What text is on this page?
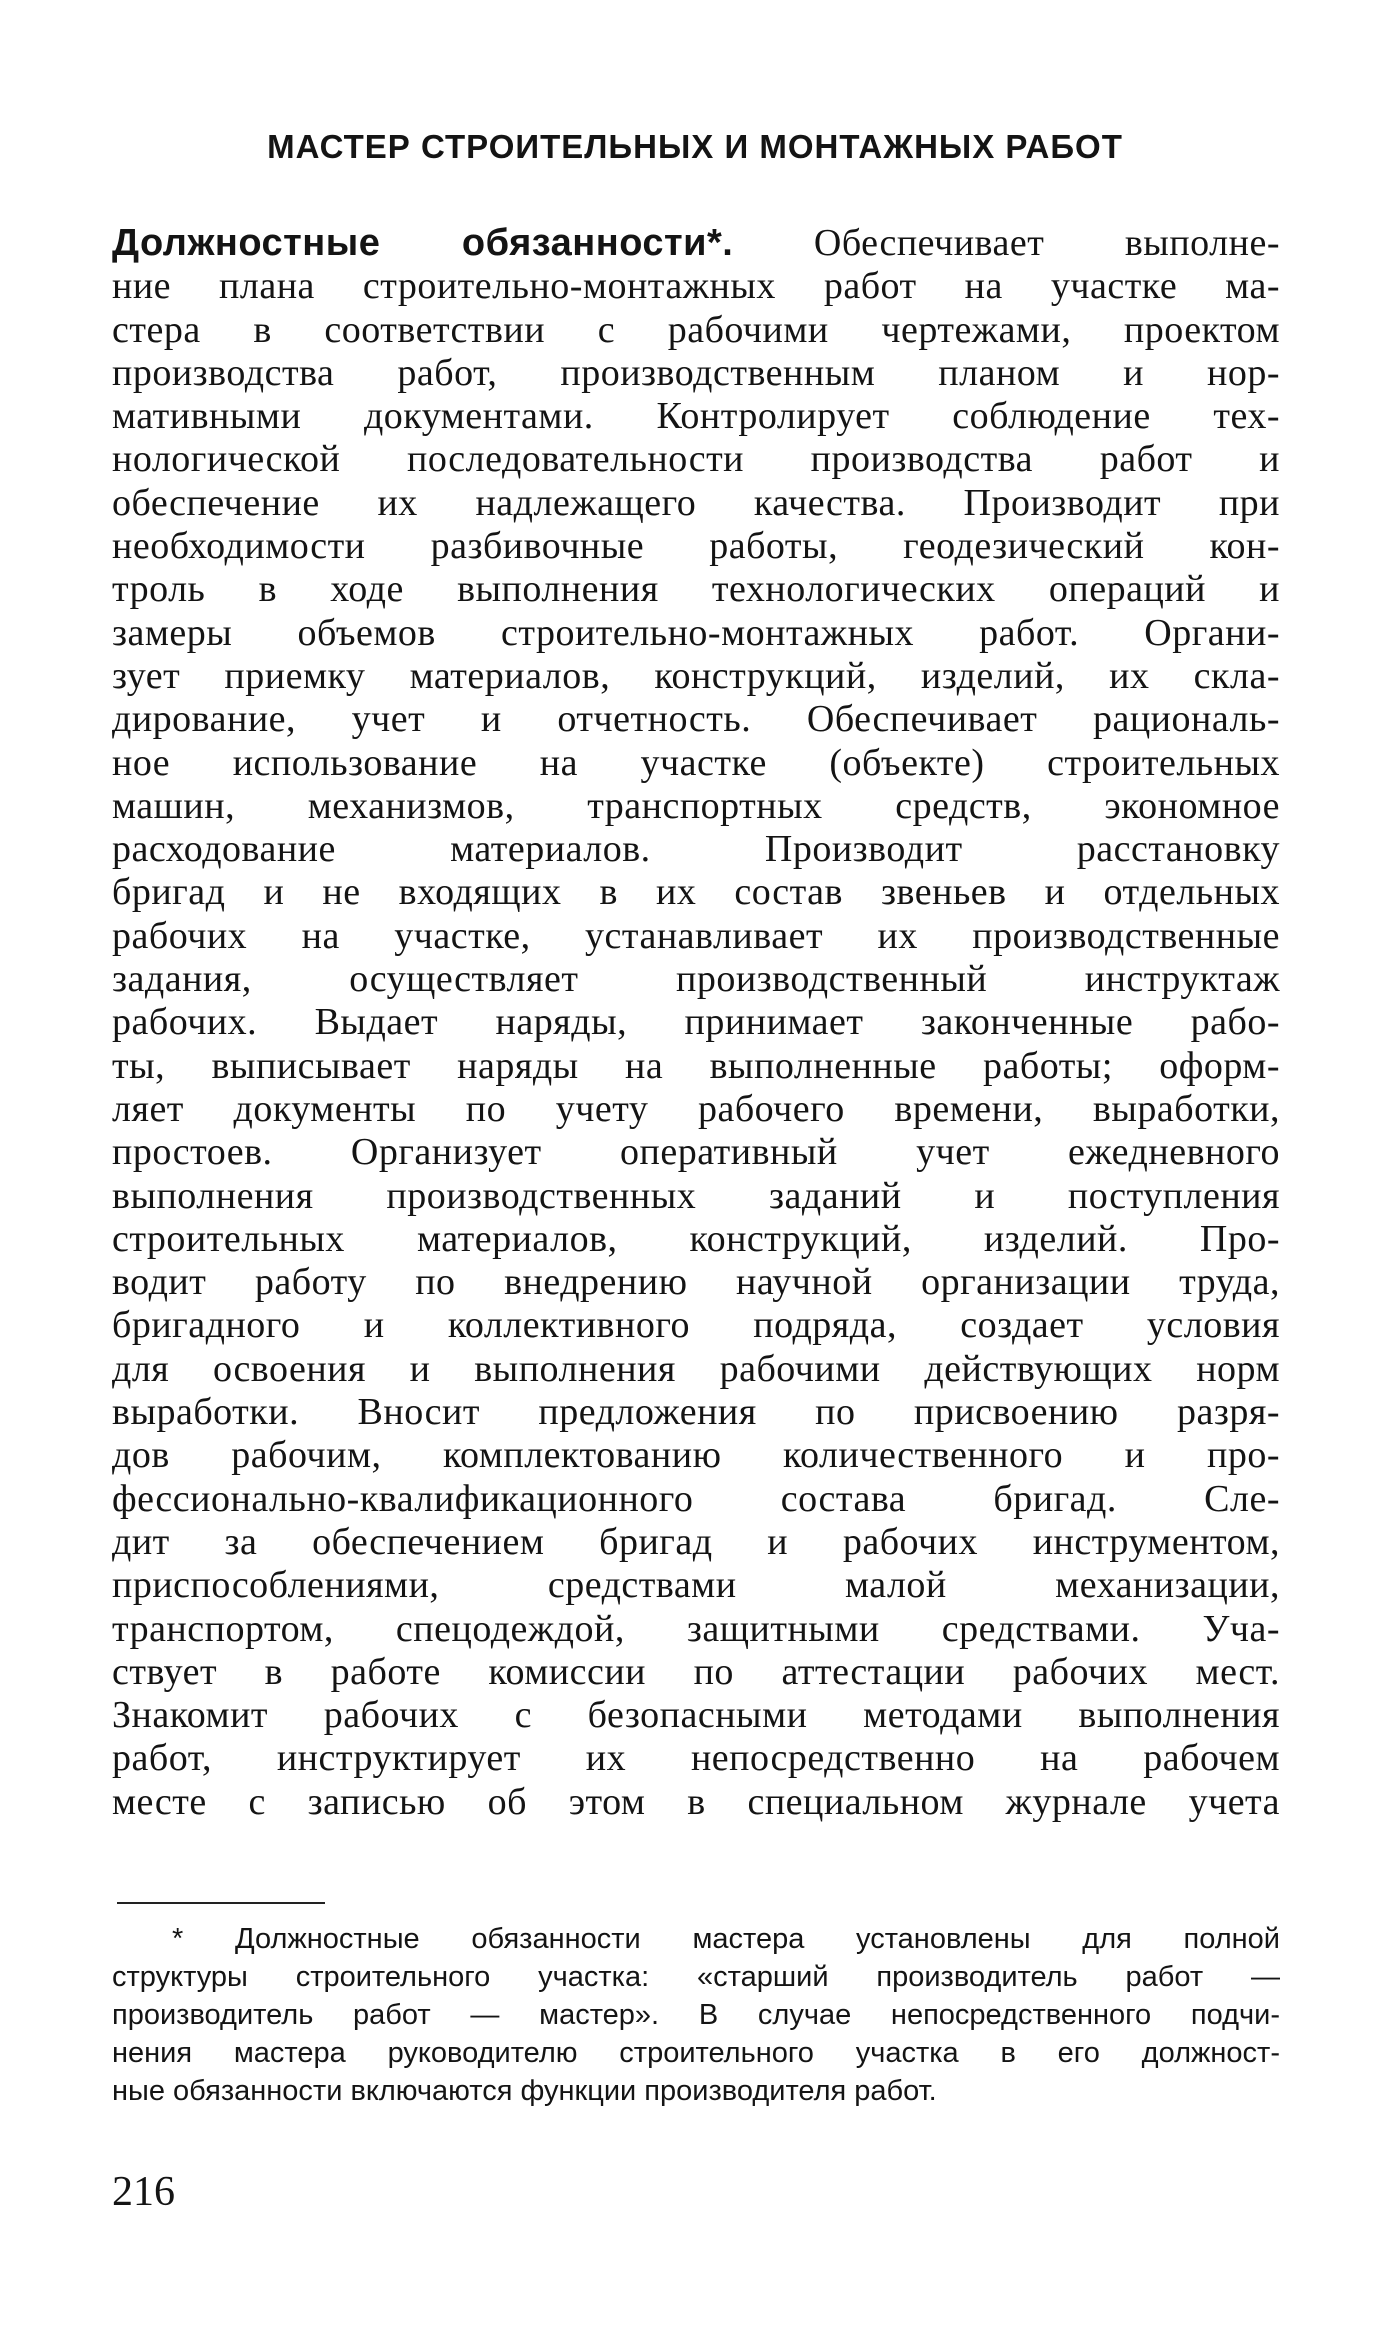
МАСТЕР СТРОИТЕЛЬНЫХ И МОНТАЖНЫХ РАБОТ
Должностные обязанности*. Обеспечивает выполне-
ние плана строительно-монтажных работ на участке ма-
стера в соответствии с рабочими чертежами, проектом
производства работ, производственным планом и нор-
мативными документами. Контролирует соблюдение тех-
нологической последовательности производства работ и
обеспечение их надлежащего качества. Производит при
необходимости разбивочные работы, геодезический кон-
троль в ходе выполнения технологических операций и
замеры объемов строительно-монтажных работ. Органи-
зует приемку материалов, конструкций, изделий, их скла-
дирование, учет и отчетность. Обеспечивает рациональ-
ное использование на участке (объекте) строительных
машин, механизмов, транспортных средств, экономное
расходование материалов. Производит расстановку
бригад и не входящих в их состав звеньев и отдельных
рабочих на участке, устанавливает их производственные
задания, осуществляет производственный инструктаж
рабочих. Выдает наряды, принимает законченные рабо-
ты, выписывает наряды на выполненные работы; оформ-
ляет документы по учету рабочего времени, выработки,
простоев. Организует оперативный учет ежедневного
выполнения производственных заданий и поступления
строительных материалов, конструкций, изделий. Про-
водит работу по внедрению научной организации труда,
бригадного и коллективного подряда, создает условия
для освоения и выполнения рабочими действующих норм
выработки. Вносит предложения по присвоению разря-
дов рабочим, комплектованию количественного и про-
фессионально-квалификационного состава бригад. Сле-
дит за обеспечением бригад и рабочих инструментом,
приспособлениями, средствами малой механизации,
транспортом, спецодеждой, защитными средствами. Уча-
ствует в работе комиссии по аттестации рабочих мест.
Знакомит рабочих с безопасными методами выполнения
работ, инструктирует их непосредственно на рабочем
месте с записью об этом в специальном журнале учета
* Должностные обязанности мастера установлены для полной
структуры строительного участка: «старший производитель работ —
производитель работ — мастер». В случае непосредственного подчи-
нения мастера руководителю строительного участка в его должност-
ные обязанности включаются функции производителя работ.
216
